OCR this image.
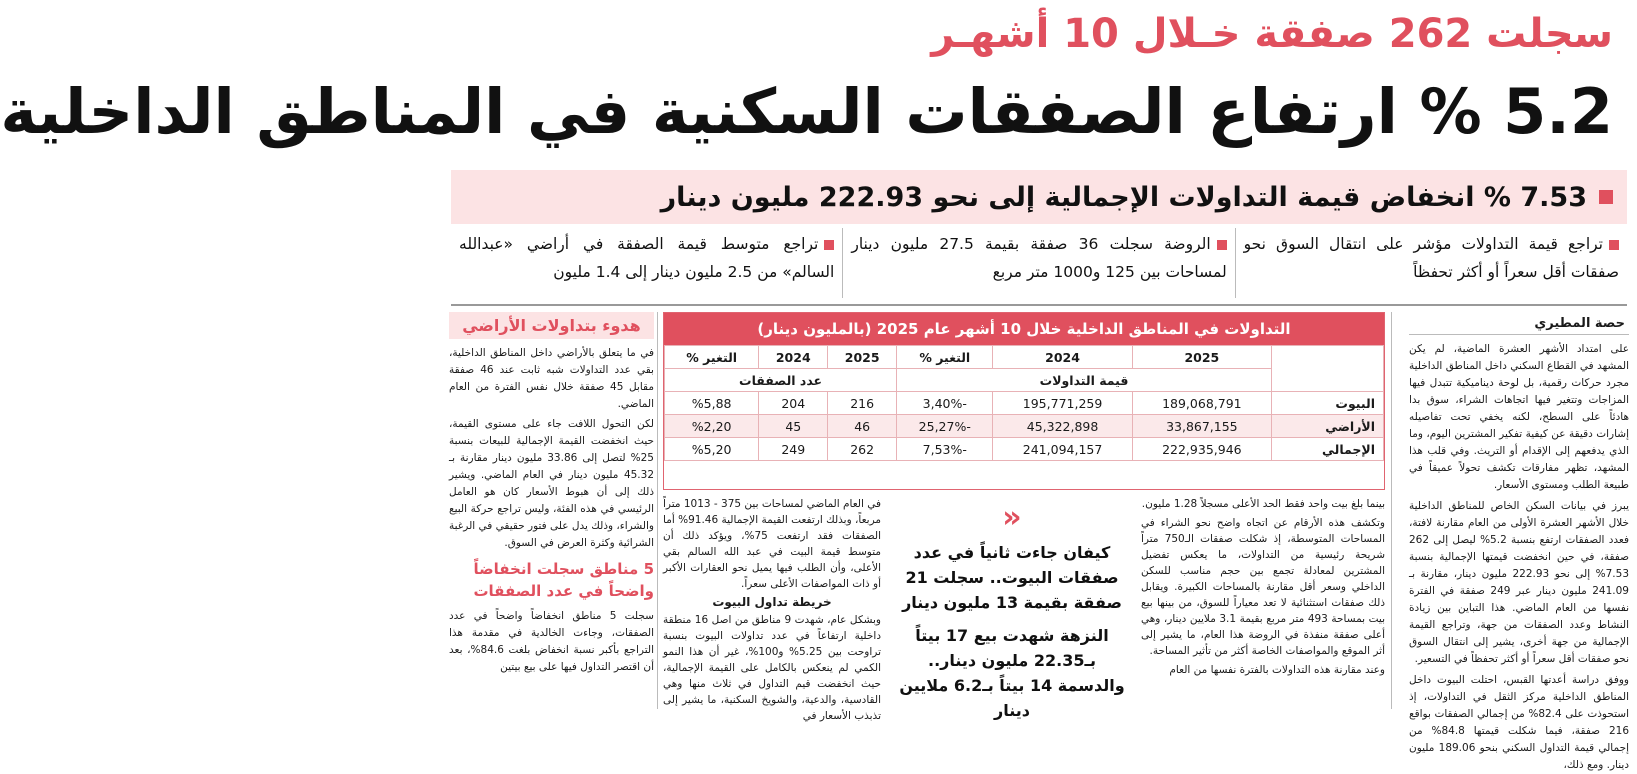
سجلت 262 صفقة خـلال 10 أشهـر
5.2 % ارتفاع الصفقات السكنية في المناطق الداخلية
7.53 % انخفاض قيمة التداولات الإجمالية إلى نحو 222.93 مليون دينار
تراجع قيمة التداولات مؤشر على انتقال السوق نحو صفقات أقل سعراً أو أكثر تحفظاً
الروضة سجلت 36 صفقة بقيمة 27.5 مليون دينار لمساحات بين 125 و1000 متر مربع
تراجع متوسط قيمة الصفقة في أراضي «عبدالله السالم» من 2.5 مليون دينار إلى 1.4 مليون
حصة المطيري

على امتداد الأشهر العشرة الماضية، لم يكن المشهد في القطاع السكني داخل المناطق الداخلية مجرد حركات رقمية، بل لوحة ديناميكية تتبدل فيها المزاجات وتتغير فيها اتجاهات الشراء، سوق بدا هادئاً على السطح، لكنه يخفي تحت تفاصيله إشارات دقيقة عن كيفية تفكير المشترين اليوم، وما الذي يدفعهم إلى الإقدام أو التريث. وفي قلب هذا المشهد، تظهر مفارقات تكشف تحولاً عميقاً في طبيعة الطلب ومستوى الأسعار.

يبرز في بيانات السكن الخاص للمناطق الداخلية خلال الأشهر العشرة الأولى من العام مقارنة لافتة، فعدد الصفقات ارتفع بنسبة 5.2% ليصل إلى 262 صفقة، في حين انخفضت قيمتها الإجمالية بنسبة 7.53% إلى نحو 222.93 مليون دينار، مقارنة بـ 241.09 مليون دينار عبر 249 صفقة في الفترة نفسها من العام الماضي. هذا التباين بين زيادة النشاط وعدد الصفقات من جهة، وتراجع القيمة الإجمالية من جهة أخرى، يشير إلى انتقال السوق نحو صفقات أقل سعراً أو أكثر تحفظاً في التسعير.

ووفق دراسة أعدتها القبس، احتلت البيوت داخل المناطق الداخلية مركز الثقل في التداولات، إذ استحوذت على 82.4% من إجمالي الصفقات بواقع 216 صفقة، فيما شكلت قيمتها 84.8% من إجمالي قيمة التداول السكني بنحو 189.06 مليون دينار. ومع ذلك،

التداولات في المناطق الداخلية خلال 10 أشهر عام 2025 (بالمليون دينار)
	2025	2024	التغير %	2025	2024	التغير %
	قيمة التداولات			عدد الصفقات		
البيوت	189,068,791	195,771,259	-3,40%	216	204	%5,88
الأراضي	33,867,155	45,322,898	-25,27%	46	45	%2,20
الإجمالي	222,935,946	241,094,157	-7,53%	262	249	%5,20

بينما بلغ بيت واحد فقط الحد الأعلى مسجلاً 1.28 مليون.

وتكشف هذه الأرقام عن اتجاه واضح نحو الشراء في المساحات المتوسطة، إذ شكلت صفقات الـ750 متراً شريحة رئيسية من التداولات، ما يعكس تفضيل المشترين لمعادلة تجمع بين حجم مناسب للسكن الداخلي وسعر أقل مقارنة بالمساحات الكبيرة. ويقابل ذلك صفقات استثنائية لا تعد معياراً للسوق، من بينها بيع بيت بمساحة 493 متر مربع بقيمة 3.1 ملايين دينار، وهي أعلى صفقة منفذة في الروضة هذا العام، ما يشير إلى أثر الموقع والمواصفات الخاصة أكثر من تأثير المساحة.

وعند مقارنة هذه التداولات بالفترة نفسها من العام

«
كيفان جاءت ثانياً في عدد صفقات البيوت.. سجلت 21 صفقة بقيمة 13 مليون دينار
النزهة شهدت بيع 17 بيتاً بـ22.35 مليون دينار.. والدسمة 14 بيتاً بـ6.2 ملايين دينار

في العام الماضي لمساحات بين 375 - 1013 متراً مربعاً، وبذلك ارتفعت القيمة الإجمالية 91.46% أما الصفقات فقد ارتفعت 75%، ويؤكد ذلك أن متوسط قيمة البيت في عبد الله السالم بقي الأعلى، وأن الطلب فيها يميل نحو العقارات الأكبر أو ذات المواصفات الأعلى سعراً.

خريطة تداول البيوت

وبشكل عام، شهدت 9 مناطق من اصل 16 منطقة داخلية ارتفاعاً في عدد تداولات البيوت بنسبة تراوحت بين 5.25% و100%، غير أن هذا النمو الكمي لم ينعكس بالكامل على القيمة الإجمالية، حيث انخفضت قيم التداول في ثلاث منها وهي القادسية، والدعية، والشويخ السكنية، ما يشير إلى تذبذب الأسعار في

هدوء بتداولات الأراضي

في ما يتعلق بالأراضي داخل المناطق الداخلية، بقي عدد التداولات شبه ثابت عند 46 صفقة مقابل 45 صفقة خلال نفس الفترة من العام الماضي.

لكن التحول اللافت جاء على مستوى القيمة، حيث انخفضت القيمة الإجمالية للبيعات بنسبة 25% لتصل إلى 33.86 مليون دينار مقارنة بـ 45.32 مليون دينار في العام الماضي. ويشير ذلك إلى أن هبوط الأسعار كان هو العامل الرئيسي في هذه الفئة، وليس تراجع حركة البيع والشراء، وذلك يدل على فتور حقيقي في الرغبة الشرائية وكثرة العرض في السوق.

5 مناطق سجلت انخفاضاً واضحاً في عدد الصفقات

سجلت 5 مناطق انخفاضاً واضحاً في عدد الصفقات، وجاءت الخالدية في مقدمة هذا التراجع بأكبر نسبة انخفاض بلغت 84.6%، بعد أن اقتصر التداول فيها على بيع بيتين
